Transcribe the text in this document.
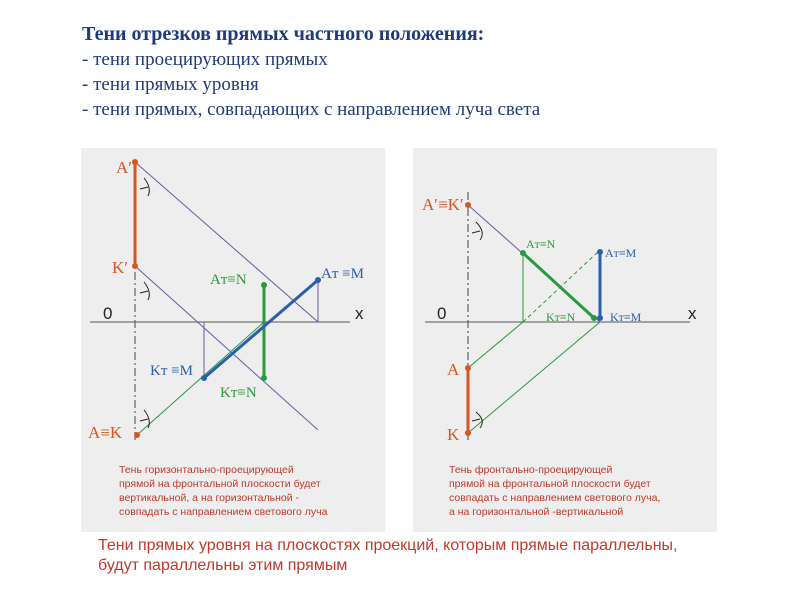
Тени отрезков прямых частного положения:
- тени проецирующих прямых
- тени прямых уровня
- тени прямых, совпадающих с направлением луча света
A′
K′
0	x
Aт≡N	Aт ≡M
Kт ≡M
Kт≡N
A≡K
A′≡K′
0	x
Aт≡N
Aт≡M
Kт≡N	Kт≡M
A
K
Тень горизонтально-проецирующей
прямой на фронтальной плоскости будет
вертикальной, а на горизонтальной -
совпадать с направлением светового луча
Тень фронтально-проецирующей
прямой на фронтальной плоскости будет
совпадать с направлением светового луча,
а на горизонтальной -вертикальной
Тени прямых уровня на плоскостях проекций, которым прямые параллельны,
будут параллельны этим прямым
